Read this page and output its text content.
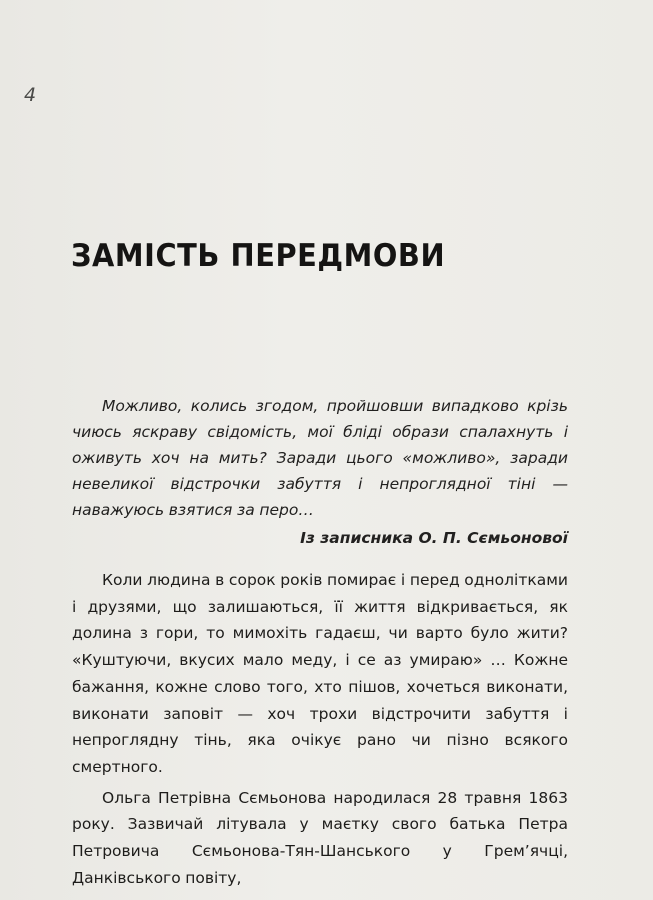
4
ЗАМІСТЬ ПЕРЕДМОВИ

Можливо, колись згодом, пройшовши випадково крізь чиюсь яскраву свідомість, мої бліді образи спалахнуть і оживуть хоч на мить? Заради цього «можливо», заради невеликої відстрочки забуття і непроглядної тіні — наважуюсь взятися за перо…

Із записника О. П. Сємьонової

Коли людина в сорок років помирає і перед однолітками і друзями, що залишаються, її життя відкривається, як долина з гори, то мимохіть гадаєш, чи варто було жити? «Куштуючи, вкусих мало меду, і се аз умираю» … Кожне бажання, кожне слово того, хто пішов, хочеться виконати, виконати заповіт — хоч трохи відстрочити забуття і непроглядну тінь, яка очікує рано чи пізно всякого смертного.

Ольга Петрівна Сємьонова народилася 28 травня 1863 року. Зазвичай літувала у маєтку свого батька Петра Петровича Сємьонова-Тян-Шанського у Грем’ячці, Данківського повіту,
